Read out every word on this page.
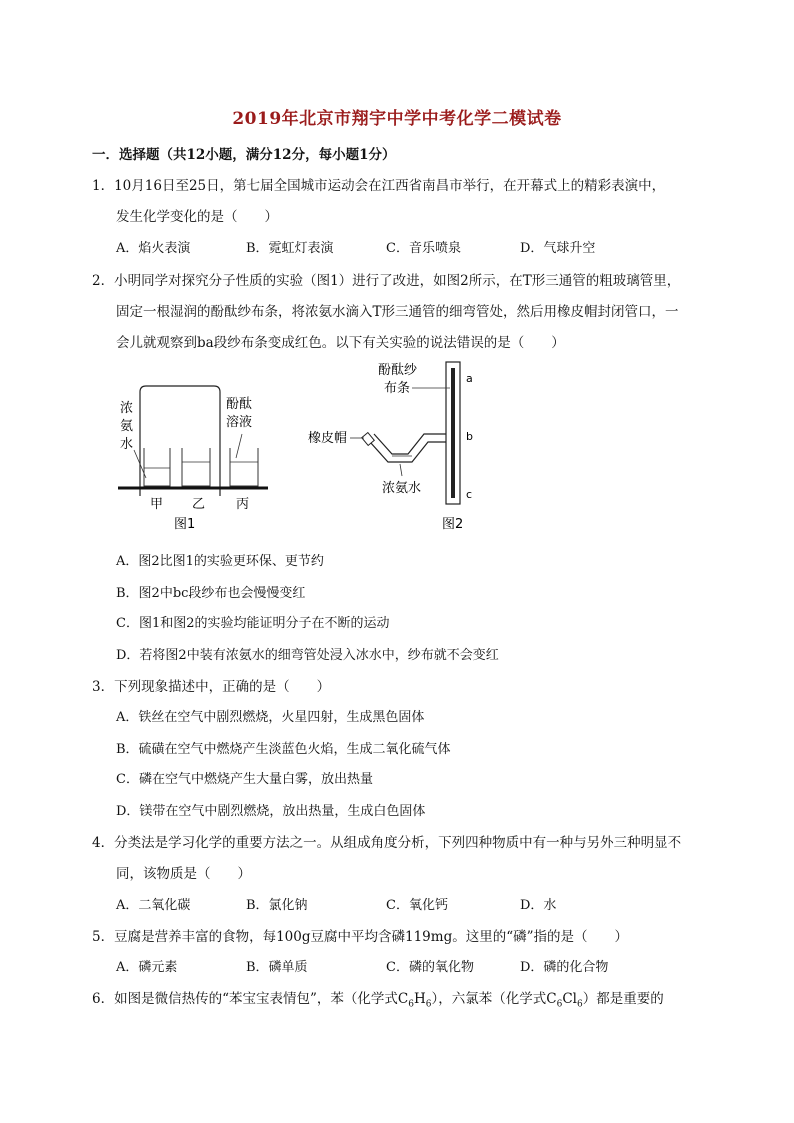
2019年北京市翔宇中学中考化学二模试卷
一．选择题（共12小题，满分12分，每小题1分）
1．10月16日至25日，第七届全国城市运动会在江西省南昌市举行，在开幕式上的精彩表演中，
发生化学变化的是（　　）
A．焰火表演	B．霓虹灯表演	C．音乐喷泉	D．气球升空
2．小明同学对探究分子性质的实验（图1）进行了改进，如图2所示，在T形三通管的粗玻璃管里，
固定一根湿润的酚酞纱布条，将浓氨水滴入T形三通管的细弯管处，然后用橡皮帽封闭管口，一
会儿就观察到ba段纱布条变成红色。以下有关实验的说法错误的是（　　）
浓
氨
水
酚酞
溶液
甲 乙 丙
图1
酚酞纱
布条
橡皮帽
浓氨水
a
b
c
图2
A．图2比图1的实验更环保、更节约
B．图2中bc段纱布也会慢慢变红
C．图1和图2的实验均能证明分子在不断的运动
D．若将图2中装有浓氨水的细弯管处浸入冰水中，纱布就不会变红
3．下列现象描述中，正确的是（　　）
A．铁丝在空气中剧烈燃烧，火星四射，生成黑色固体
B．硫磺在空气中燃烧产生淡蓝色火焰，生成二氧化硫气体
C．磷在空气中燃烧产生大量白雾，放出热量
D．镁带在空气中剧烈燃烧，放出热量，生成白色固体
4．分类法是学习化学的重要方法之一。从组成角度分析，下列四种物质中有一种与另外三种明显不
同，该物质是（　　）
A．二氧化碳	B．氯化钠	C．氧化钙	D．水
5．豆腐是营养丰富的食物，每100g豆腐中平均含磷119mg。这里的“磷”指的是（　　）
A．磷元素	B．磷单质	C．磷的氧化物	D．磷的化合物
6．如图是微信热传的“苯宝宝表情包”，苯（化学式$C_6H_6$），六氯苯（化学式$C_6Cl_6$）都是重要的
